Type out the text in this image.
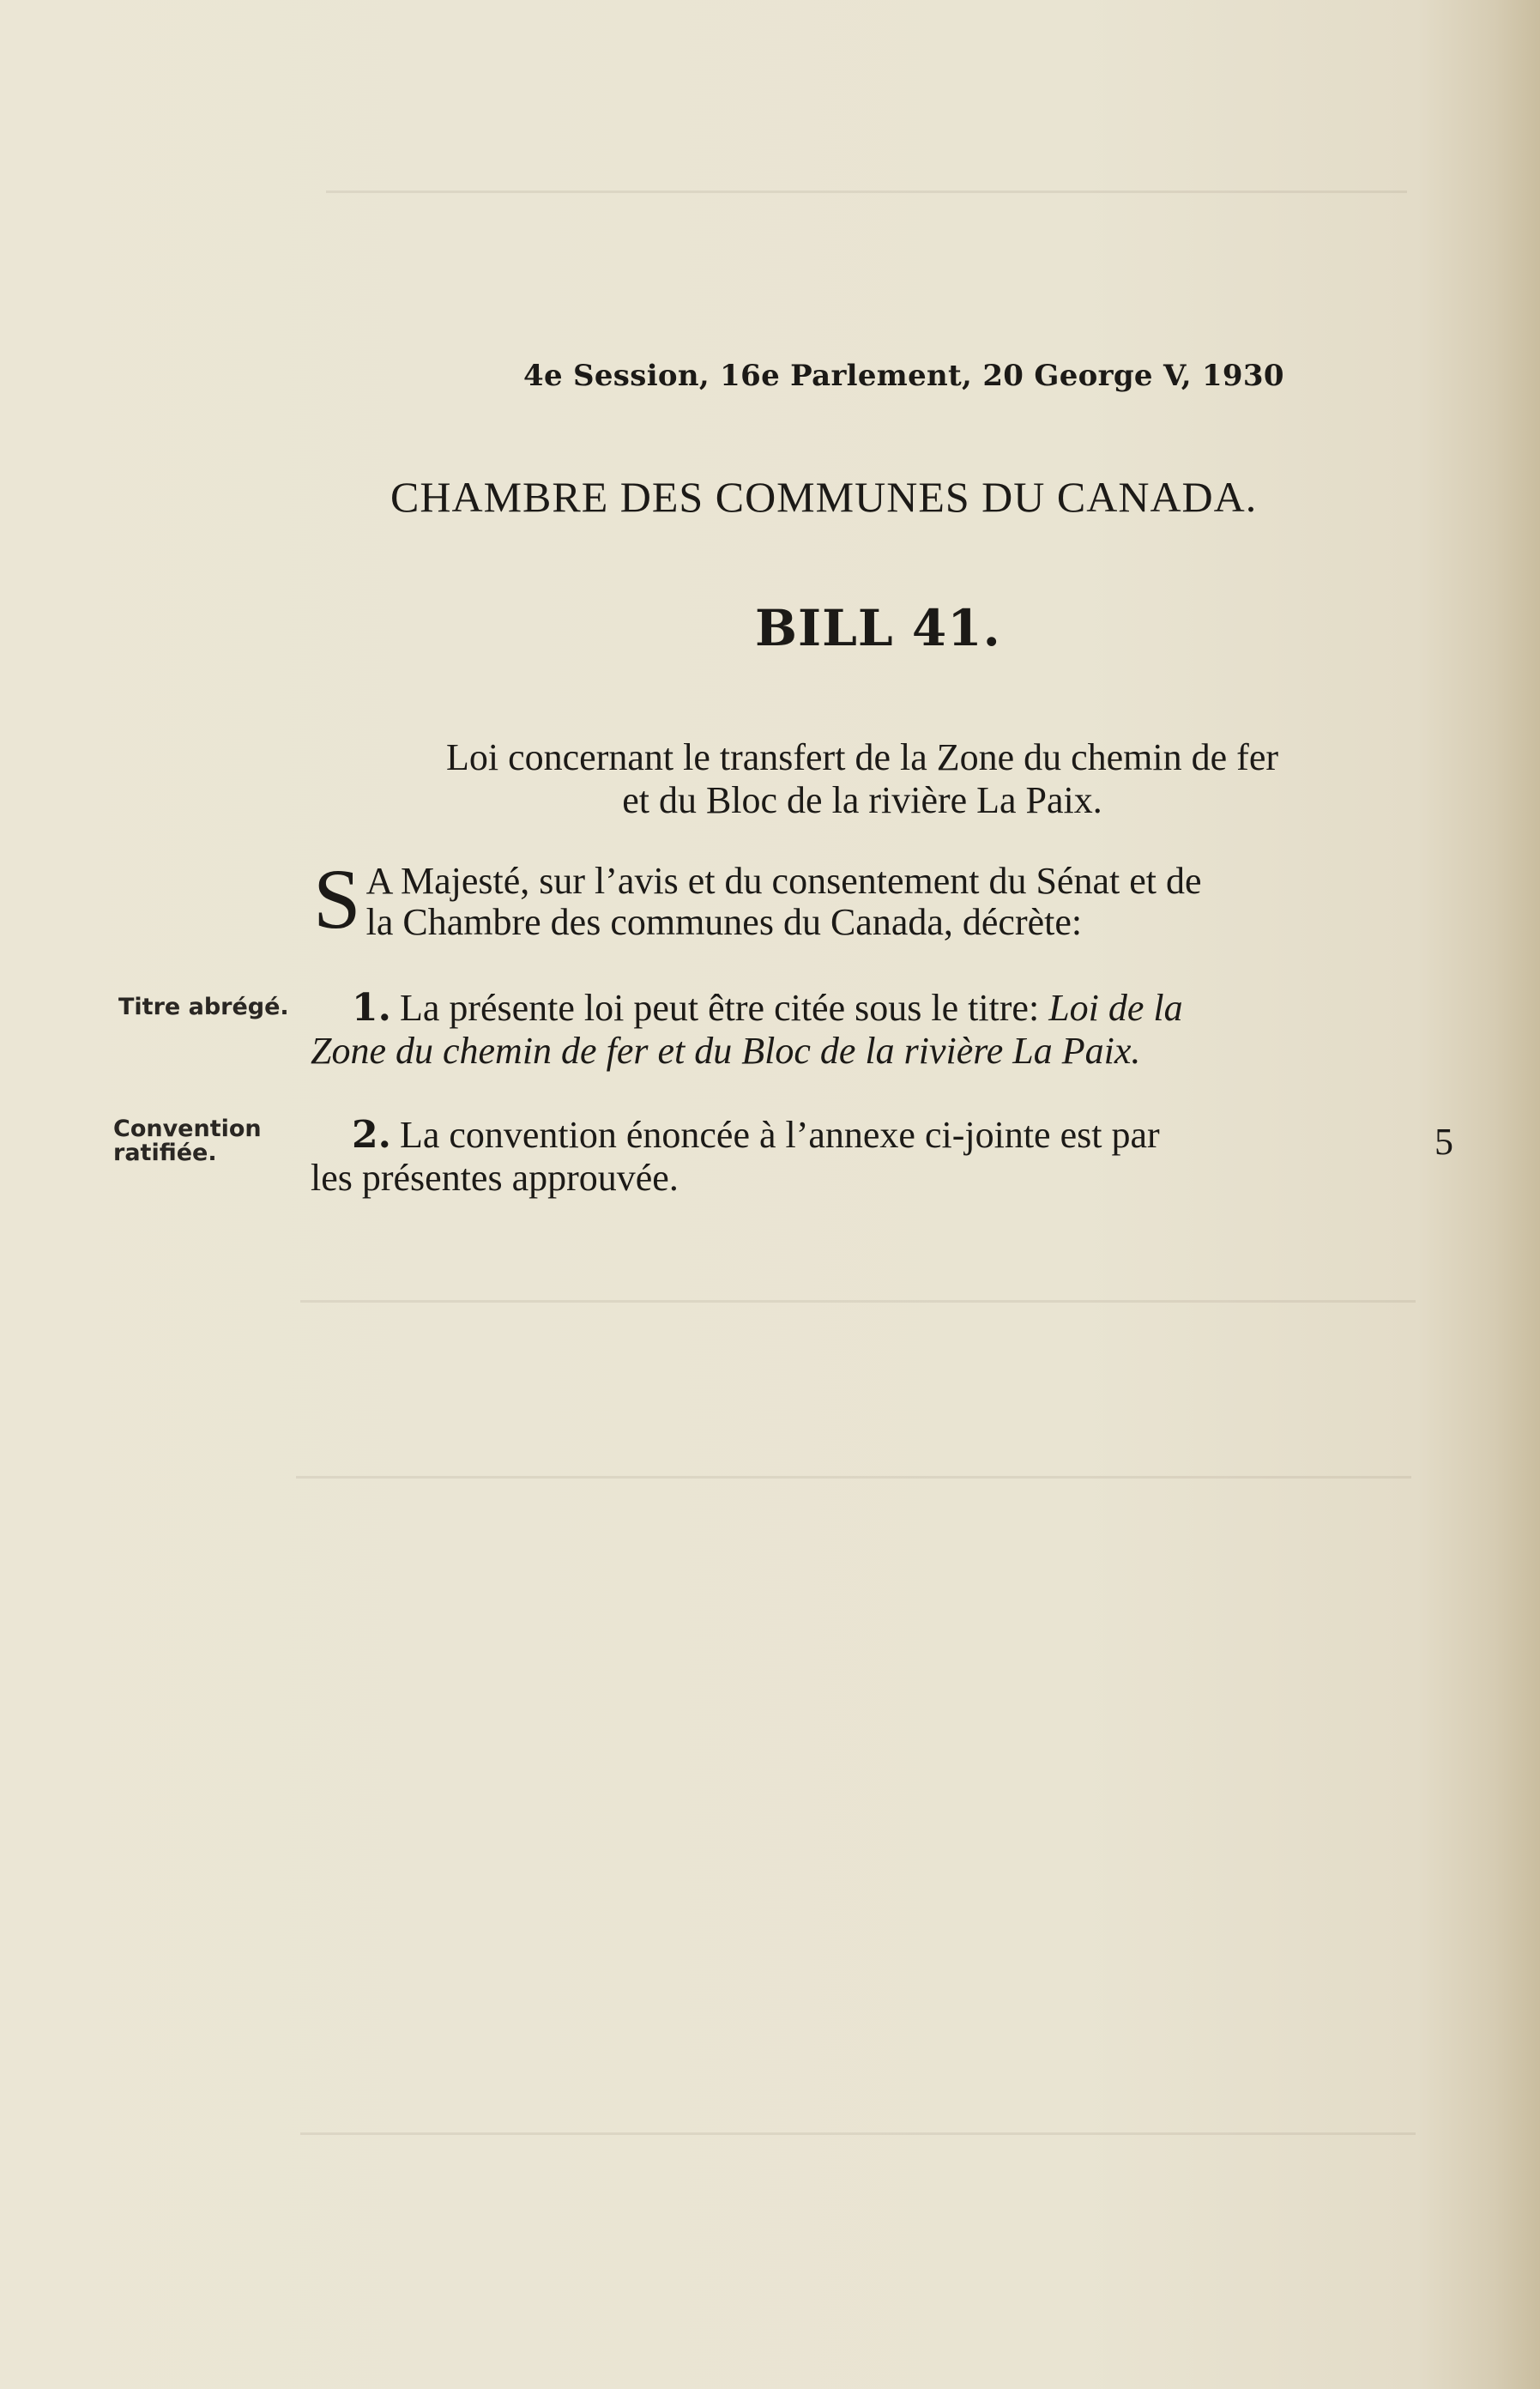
4e Session, 16e Parlement, 20 George V, 1930
CHAMBRE DES COMMUNES DU CANADA.
BILL 41.
Loi concernant le transfert de la Zone du chemin de fer
et du Bloc de la rivière La Paix.
S A Majesté, sur l’avis et du consentement du Sénat et de
la Chambre des communes du Canada, décrète:
Titre abrégé.	1. La présente loi peut être citée sous le titre: Loi de la
Zone du chemin de fer et du Bloc de la rivière La Paix.
Convention
ratifiée.	2. La convention énoncée à l’annexe ci-jointe est par
les présentes approuvée.
5
